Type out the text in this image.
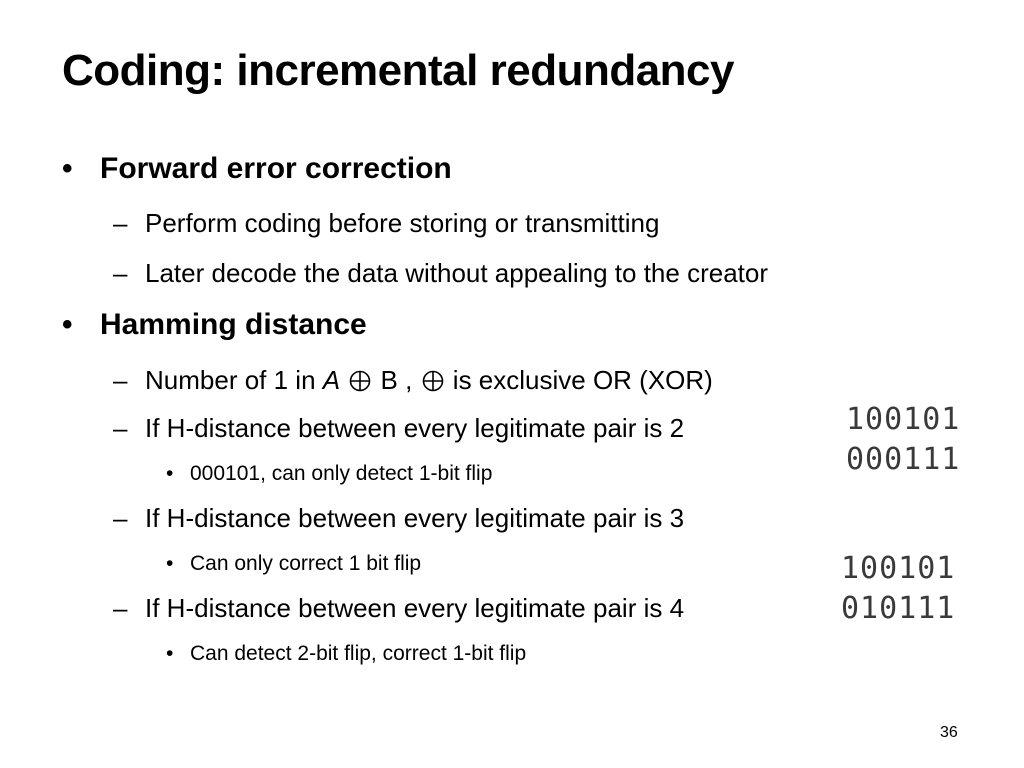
Coding: incremental redundancy
• Forward error correction
– Perform coding before storing or transmitting
– Later decode the data without appealing to the creator
• Hamming distance
– Number of 1 in A  B ,  is exclusive OR (XOR)
– If H-distance between every legitimate pair is 2
• 000101, can only detect 1-bit flip
– If H-distance between every legitimate pair is 3
• Can only correct 1 bit flip
– If H-distance between every legitimate pair is 4
• Can detect 2-bit flip, correct 1-bit flip
100101
000111
100101
010111
36
